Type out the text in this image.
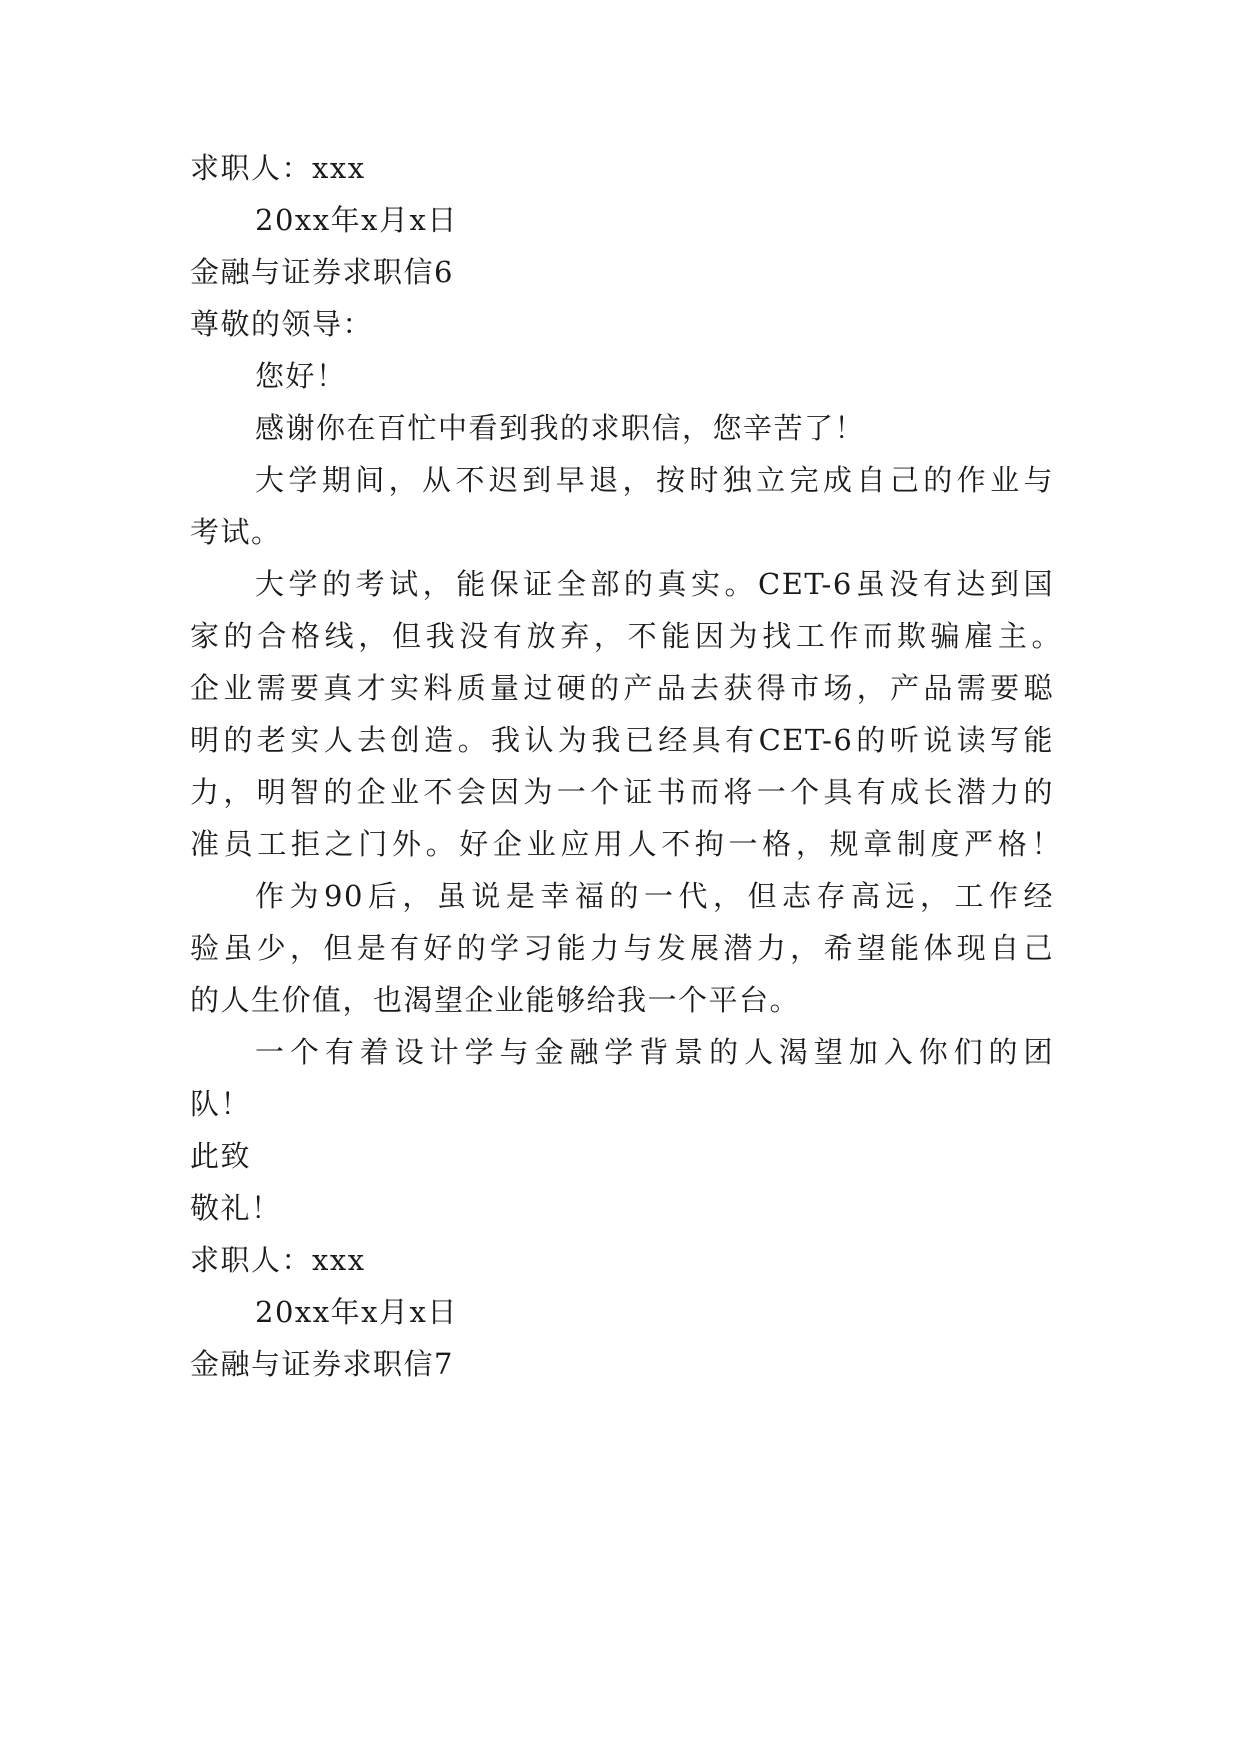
求职人：xxx
20xx年x月x日
金融与证券求职信6
尊敬的领导：
您好！
感谢你在百忙中看到我的求职信，您辛苦了！
大学期间，从不迟到早退，按时独立完成自己的作业与
考试。
大学的考试，能保证全部的真实。CET-6虽没有达到国
家的合格线，但我没有放弃，不能因为找工作而欺骗雇主。
企业需要真才实料质量过硬的产品去获得市场，产品需要聪
明的老实人去创造。我认为我已经具有CET-6的听说读写能
力，明智的企业不会因为一个证书而将一个具有成长潜力的
准员工拒之门外。好企业应用人不拘一格，规章制度严格！
作为90后，虽说是幸福的一代，但志存高远，工作经
验虽少，但是有好的学习能力与发展潜力，希望能体现自己
的人生价值，也渴望企业能够给我一个平台。
一个有着设计学与金融学背景的人渴望加入你们的团
队！
此致
敬礼！
求职人：xxx
20xx年x月x日
金融与证券求职信7
